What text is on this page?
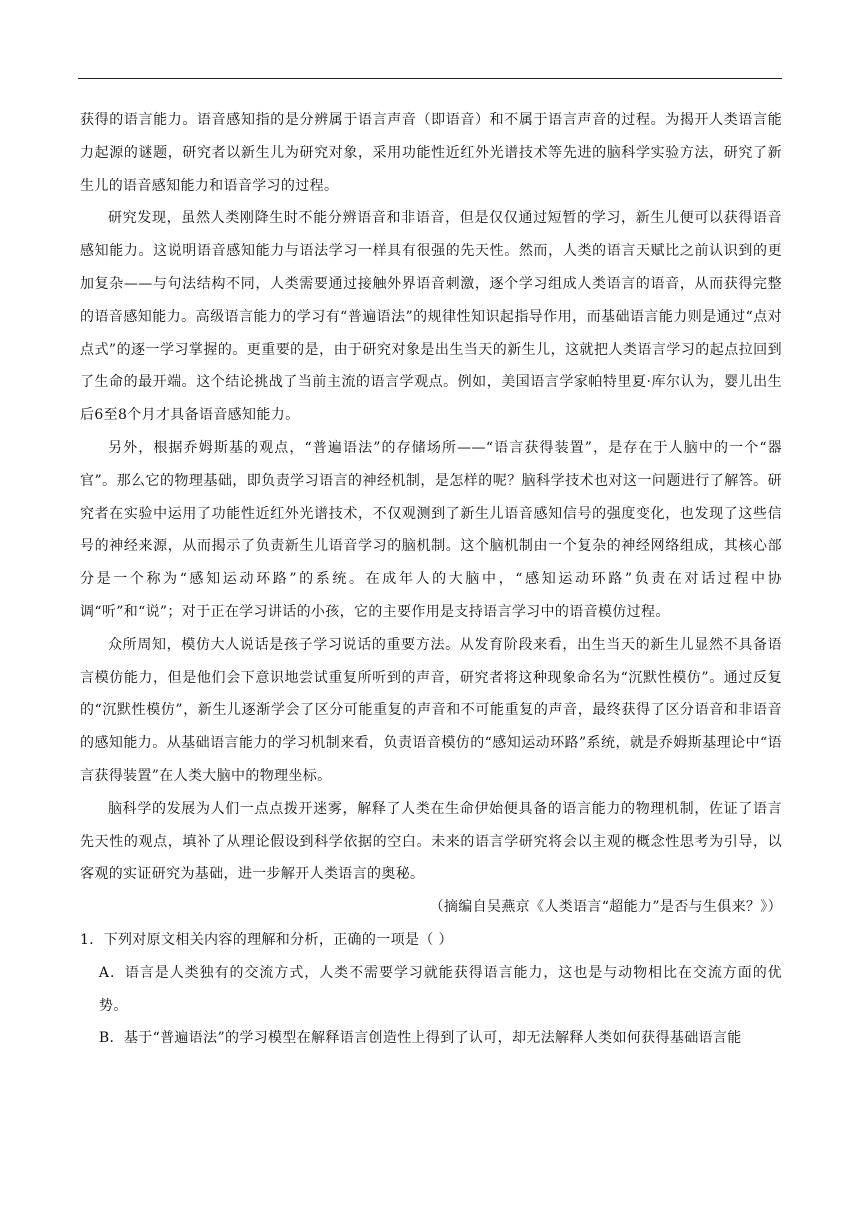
获得的语言能力。语音感知指的是分辨属于语言声音（即语音）和不属于语言声音的过程。为揭开人类语言能力起源的谜题，研究者以新生儿为研究对象，采用功能性近红外光谱技术等先进的脑科学实验方法，研究了新生儿的语音感知能力和语音学习的过程。

研究发现，虽然人类刚降生时不能分辨语音和非语音，但是仅仅通过短暂的学习，新生儿便可以获得语音感知能力。这说明语音感知能力与语法学习一样具有很强的先天性。然而，人类的语言天赋比之前认识到的更加复杂——与句法结构不同，人类需要通过接触外界语音刺激，逐个学习组成人类语言的语音，从而获得完整的语音感知能力。高级语言能力的学习有“普遍语法”的规律性知识起指导作用，而基础语言能力则是通过“点对点式”的逐一学习掌握的。更重要的是，由于研究对象是出生当天的新生儿，这就把人类语言学习的起点拉回到了生命的最开端。这个结论挑战了当前主流的语言学观点。例如，美国语言学家帕特里夏·库尔认为，婴儿出生后6至8个月才具备语音感知能力。

另外，根据乔姆斯基的观点，“普遍语法”的存储场所——“语言获得装置”，是存在于人脑中的一个“器官”。那么它的物理基础，即负责学习语言的神经机制，是怎样的呢？脑科学技术也对这一问题进行了解答。研究者在实验中运用了功能性近红外光谱技术，不仅观测到了新生儿语音感知信号的强度变化，也发现了这些信号的神经来源，从而揭示了负责新生儿语音学习的脑机制。这个脑机制由一个复杂的神经网络组成，其核心部分是一个称为“感知运动环路”的系统。在成年人的大脑中，“感知运动环路”负责在对话过程中协调“听”和“说”；对于正在学习讲话的小孩，它的主要作用是支持语言学习中的语音模仿过程。

众所周知，模仿大人说话是孩子学习说话的重要方法。从发育阶段来看，出生当天的新生儿显然不具备语言模仿能力，但是他们会下意识地尝试重复所听到的声音，研究者将这种现象命名为“沉默性模仿”。通过反复的“沉默性模仿”，新生儿逐渐学会了区分可能重复的声音和不可能重复的声音，最终获得了区分语音和非语音的感知能力。从基础语言能力的学习机制来看，负责语音模仿的“感知运动环路”系统，就是乔姆斯基理论中“语言获得装置”在人类大脑中的物理坐标。

脑科学的发展为人们一点点拨开迷雾，解释了人类在生命伊始便具备的语言能力的物理机制，佐证了语言先天性的观点，填补了从理论假设到科学依据的空白。未来的语言学研究将会以主观的概念性思考为引导，以客观的实证研究为基础，进一步解开人类语言的奥秘。

（摘编自吴燕京《人类语言“超能力”是否与生俱来？》）

1．下列对原文相关内容的理解和分析，正确的一项是（ ）

A．语言是人类独有的交流方式，人类不需要学习就能获得语言能力，这也是与动物相比在交流方面的优势。

B．基于“普遍语法”的学习模型在解释语言创造性上得到了认可，却无法解释人类如何获得基础语言能
